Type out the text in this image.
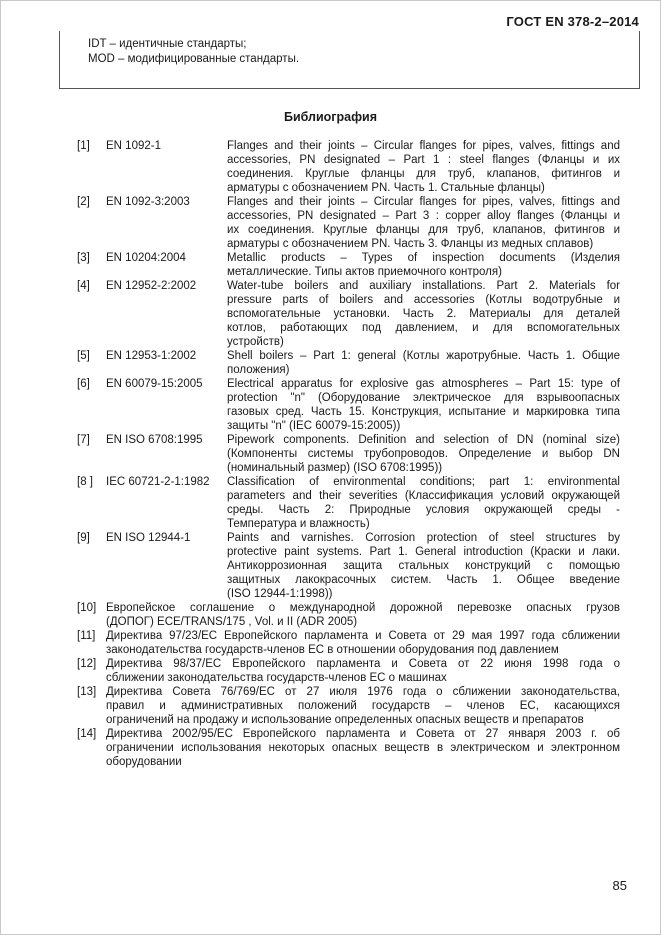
ГОСТ EN 378-2–2014
IDT – идентичные стандарты;
MOD – модифицированные стандарты.
Библиография
[1]	EN 1092-1	Flanges and their joints – Circular flanges for pipes, valves, fittings and
accessories, PN designated – Part 1 : steel flanges (Фланцы и их
соединения. Круглые фланцы для труб, клапанов, фитингов и
арматуры с обозначением PN. Часть 1. Стальные фланцы)
[2]	EN 1092-3:2003	Flanges and their joints – Circular flanges for pipes, valves, fittings and
accessories, PN designated – Part 3 : copper alloy flanges (Фланцы и
их соединения. Круглые фланцы для труб, клапанов, фитингов и
арматуры с обозначением PN. Часть 3. Фланцы из медных сплавов)
[3]	EN 10204:2004	Metallic products – Types of inspection documents (Изделия
металлические. Типы актов приемочного контроля)
[4]	EN 12952-2:2002	Water-tube boilers and auxiliary installations. Part 2. Materials for
pressure parts of boilers and accessories (Котлы водотрубные и
вспомогательные установки. Часть 2. Материалы для деталей
котлов, работающих под давлением, и для вспомогательных
устройств)
[5]	EN 12953-1:2002	Shell boilers – Part 1: general (Котлы жаротрубные. Часть 1. Общие
положения)
[6]	EN 60079-15:2005	Electrical apparatus for explosive gas atmospheres – Part 15: type of
protection "n" (Оборудование электрическое для взрывоопасных
газовых сред. Часть 15. Конструкция, испытание и маркировка типа
защиты "n" (IEC 60079-15:2005))
[7]	EN ISO 6708:1995	Pipework components. Definition and selection of DN (nominal size)
(Компоненты системы трубопроводов. Определение и выбор DN
(номинальный размер) (ISO 6708:1995))
[8 ]	IEC 60721-2-1:1982	Classification of environmental conditions; part 1: environmental
parameters and their severities (Классификация условий окружающей
среды. Часть 2: Природные условия окружающей среды -
Температура и влажность)
[9]	EN ISO 12944-1	Paints and varnishes. Corrosion protection of steel structures by
protective paint systems. Part 1. General introduction (Краски и лаки.
Антикоррозионная защита стальных конструкций с помощью
защитных лакокрасочных систем. Часть 1. Общее введение
(ISO 12944-1:1998))
[10] Европейское соглашение о международной дорожной перевозке опасных грузов
(ДОПОГ) ECE/TRANS/175 , Vol. и II (ADR 2005)
[11] Директива 97/23/ЕС Европейского парламента и Совета от 29 мая 1997 года сближении
законодательства государств-членов ЕС в отношении оборудования под давлением
[12] Директива 98/37/ЕС Европейского парламента и Совета от 22 июня 1998 года о
сближении законодательства государств-членов ЕС о машинах
[13] Директива Совета 76/769/ЕС от 27 июля 1976 года о сближении законодательства,
правил и административных положений государств – членов ЕС, касающихся
ограничений на продажу и использование определенных опасных веществ и препаратов
[14] Директива 2002/95/ЕС Европейского парламента и Совета от 27 января 2003 г. об
ограничении использования некоторых опасных веществ в электрическом и электронном
оборудовании
85
